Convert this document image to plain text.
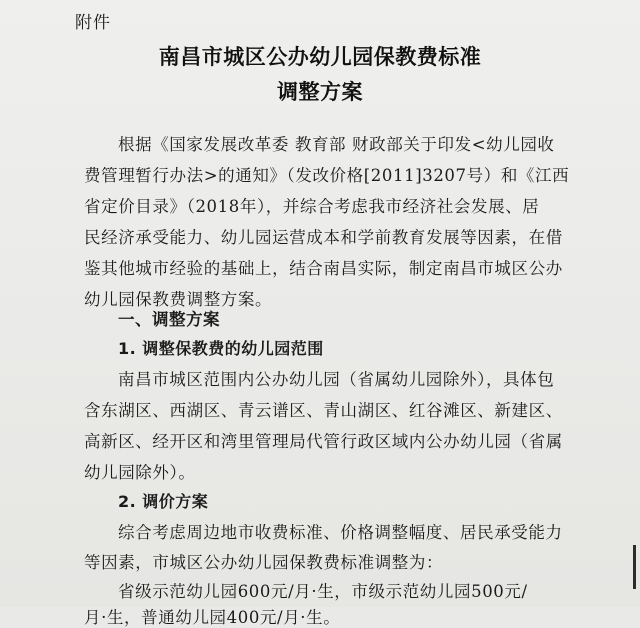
附件
南昌市城区公办幼儿园保教费标准
调整方案
根据《国家发展改革委 教育部 财政部关于印发<幼儿园收
费管理暂行办法>的通知》（发改价格[2011]3207号）和《江西
省定价目录》（2018年），并综合考虑我市经济社会发展、居
民经济承受能力、幼儿园运营成本和学前教育发展等因素，在借
鉴其他城市经验的基础上，结合南昌实际，制定南昌市城区公办
幼儿园保教费调整方案。
一、调整方案
1. 调整保教费的幼儿园范围
南昌市城区范围内公办幼儿园（省属幼儿园除外），具体包
含东湖区、西湖区、青云谱区、青山湖区、红谷滩区、新建区、
高新区、经开区和湾里管理局代管行政区域内公办幼儿园（省属
幼儿园除外）。
2. 调价方案
综合考虑周边地市收费标准、价格调整幅度、居民承受能力
等因素，市城区公办幼儿园保教费标准调整为：
省级示范幼儿园600元/月·生，市级示范幼儿园500元/
月·生，普通幼儿园400元/月·生。
